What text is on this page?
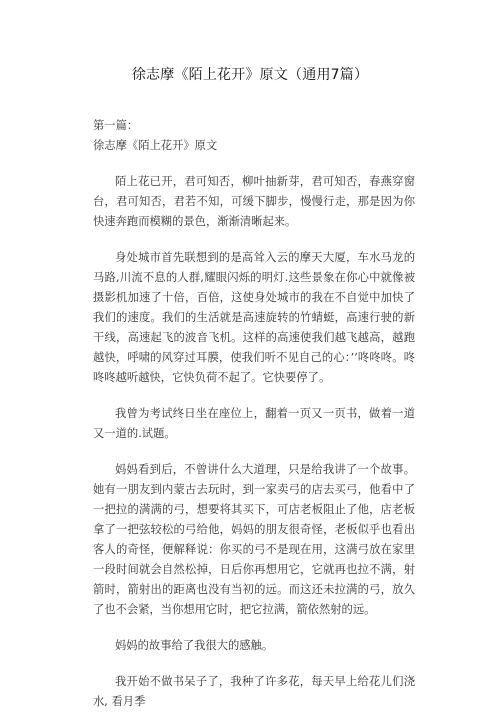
徐志摩《陌上花开》原文（通用7篇）

第一篇：

徐志摩《陌上花开》原文

陌上花已开，君可知否，柳叶抽新芽，君可知否，春燕穿窗台，君可知否，君若不知，可缓下脚步，慢慢行走，那是因为你快速奔跑而模糊的景色，渐渐清晰起来。

身处城市首先联想到的是高耸入云的摩天大厦，车水马龙的马路,川流不息的人群,耀眼闪烁的明灯.这些景象在你心中就像被摄影机加速了十倍，百倍，这使身处城市的我在不自觉中加快了我们的速度。我们的生活就是高速旋转的竹蜻蜓，高速行驶的新干线，高速起飞的波音飞机。这样的高速使我们越飞越高，越跑越快，呼啸的风穿过耳膜，使我们听不见自己的心：’’咚咚咚。咚咚咚越听越快，它快负荷不起了。它快要停了。

我曾为考试终日坐在座位上，翻着一页又一页书，做着一道又一道的.试题。

妈妈看到后，不曾讲什么大道理，只是给我讲了一个故事。她有一朋友到内蒙古去玩时，到一家卖弓的店去买弓，他看中了一把拉的满满的弓，想要将其买下，可店老板阻止了他，店老板拿了一把弦较松的弓给他，妈妈的朋友很奇怪，老板似乎也看出客人的奇怪，便解释说：你买的弓不是现在用，这满弓放在家里一段时间就会自然松掉，日后你再想用它，它就再也拉不满，射箭时，箭射出的距离也没有当初的远。而这还未拉满的弓，放久了也不会紧，当你想用它时，把它拉满，箭依然射的远。

妈妈的故事给了我很大的感触。

我开始不做书呆子了，我种了许多花，每天早上给花儿们浇水, 看月季
